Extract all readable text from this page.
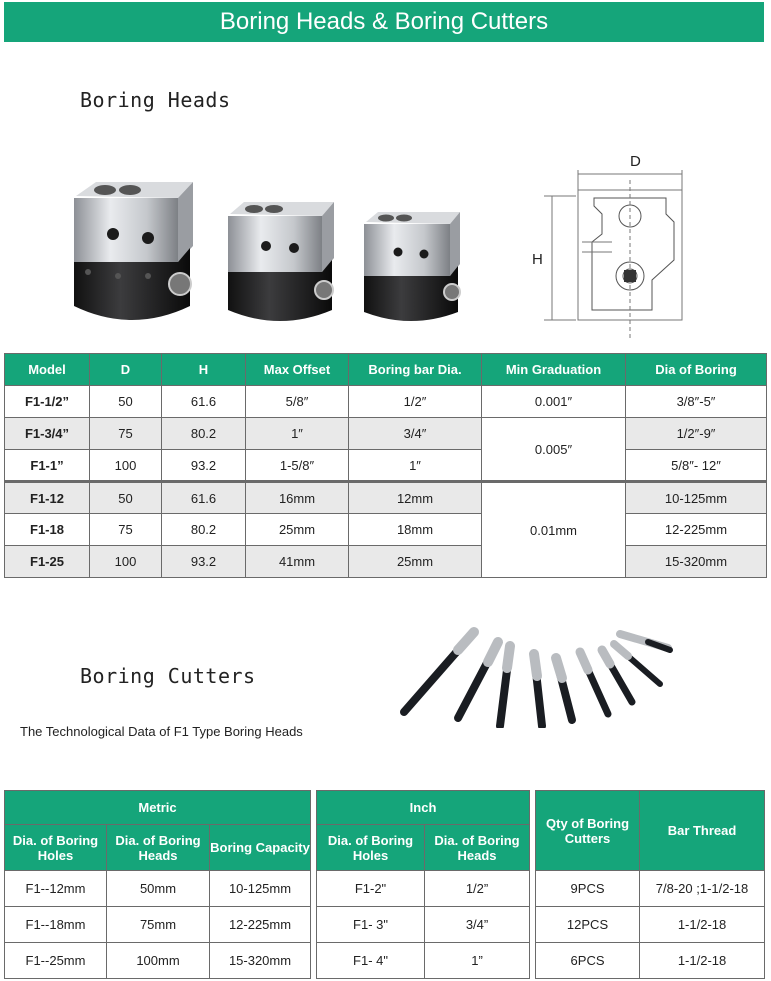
Boring Heads & Boring Cutters
Boring Heads
D
H
Model	D	H	Max Offset	Boring bar Dia.	Min Graduation	Dia of Boring
F1-1/2”	50	61.6	5/8″	1/2″	0.001″	3/8″-5″
F1-3/4”	75	80.2	1″	3/4″	0.005″	1/2″-9″
F1-1”	100	93.2	1-5/8″	1″		5/8″- 12″
F1-12	50	61.6	16mm	12mm	0.01mm	10-125mm
F1-18	75	80.2	25mm	18mm		12-225mm
F1-25	100	93.2	41mm	25mm		15-320mm
Boring Cutters
The Technological Data of F1 Type Boring Heads
Metric				Inch			Qty of Boring Cutters	Bar Thread
Dia. of Boring Holes	Dia. of Boring Heads	Boring Capacity		Dia. of Boring Holes	Dia. of Boring Heads			
F1--12mm	50mm	10-125mm		F1-2"	1/2”		9PCS	7/8-20 ;1-1/2-18
F1--18mm	75mm	12-225mm		F1- 3"	3/4”		12PCS	1-1/2-18
F1--25mm	100mm	15-320mm		F1- 4"	1”		6PCS	1-1/2-18
